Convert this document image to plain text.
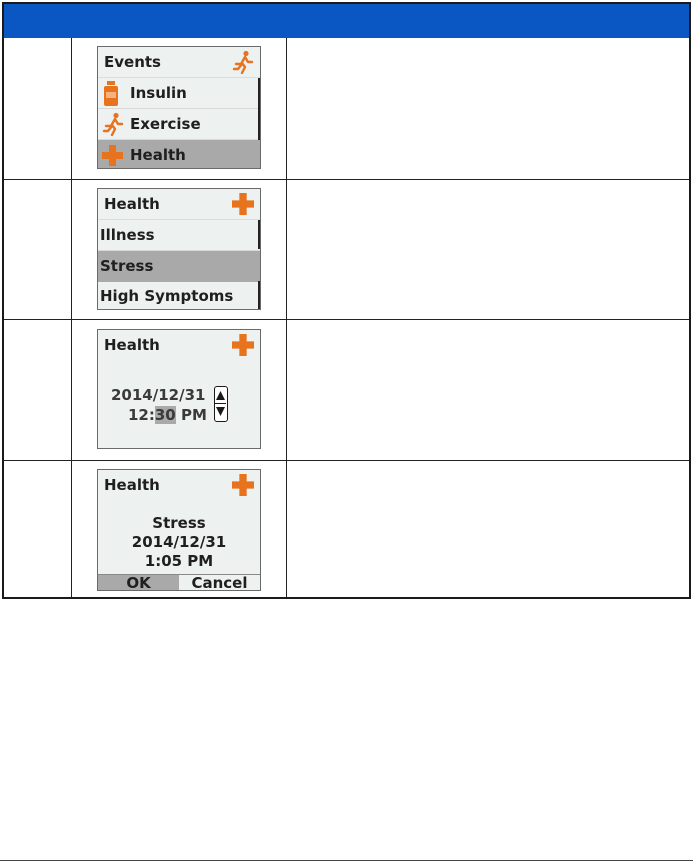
Events
Insulin
Exercise
Health
Health
Illness
Stress
High Symptoms
Health
2014/12/31
12:30 PM
Health
Stress
2014/12/31
1:05 PM
OK	Cancel
